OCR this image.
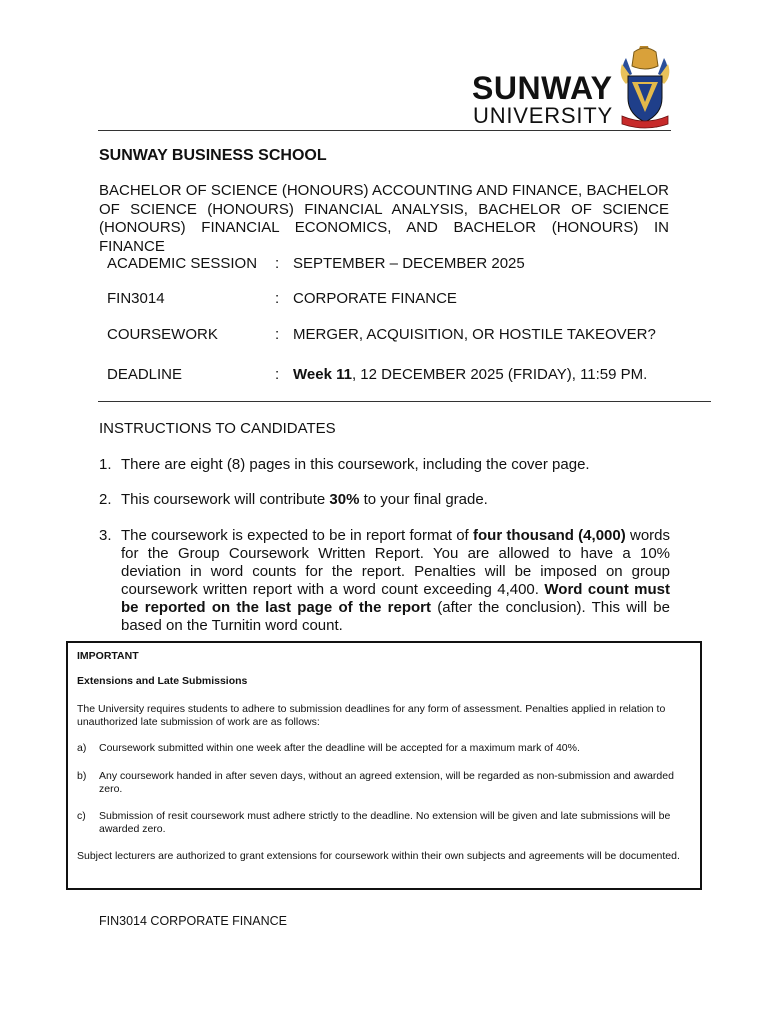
SUNWAY
UNIVERSITY
SUNWAY BUSINESS SCHOOL
BACHELOR OF SCIENCE (HONOURS) ACCOUNTING AND FINANCE, BACHELOR OF SCIENCE (HONOURS) FINANCIAL ANALYSIS, BACHELOR OF SCIENCE (HONOURS) FINANCIAL ECONOMICS, AND BACHELOR (HONOURS) IN FINANCE
ACADEMIC SESSION : SEPTEMBER – DECEMBER 2025
FIN3014	: CORPORATE FINANCE
COURSEWORK	: MERGER, ACQUISITION, OR HOSTILE TAKEOVER?
DEADLINE	: Week 11, 12 DECEMBER 2025 (FRIDAY), 11:59 PM.
INSTRUCTIONS TO CANDIDATES
1. There are eight (8) pages in this coursework, including the cover page.
2. This coursework will contribute 30% to your final grade.
3. The coursework is expected to be in report format of four thousand (4,000) words for the Group Coursework Written Report. You are allowed to have a 10% deviation in word counts for the report. Penalties will be imposed on group coursework written report with a word count exceeding 4,400. Word count must be reported on the last page of the report (after the conclusion). This will be based on the Turnitin word count.

IMPORTANT

Extensions and Late Submissions

The University requires students to adhere to submission deadlines for any form of assessment. Penalties applied in relation to unauthorized late submission of work are as follows:

a) Coursework submitted within one week after the deadline will be accepted for a maximum mark of 40%.
b) Any coursework handed in after seven days, without an agreed extension, will be regarded as non-submission and awarded zero.
c) Submission of resit coursework must adhere strictly to the deadline. No extension will be given and late submissions will be awarded zero.

Subject lecturers are authorized to grant extensions for coursework within their own subjects and agreements will be documented.

FIN3014 CORPORATE FINANCE
